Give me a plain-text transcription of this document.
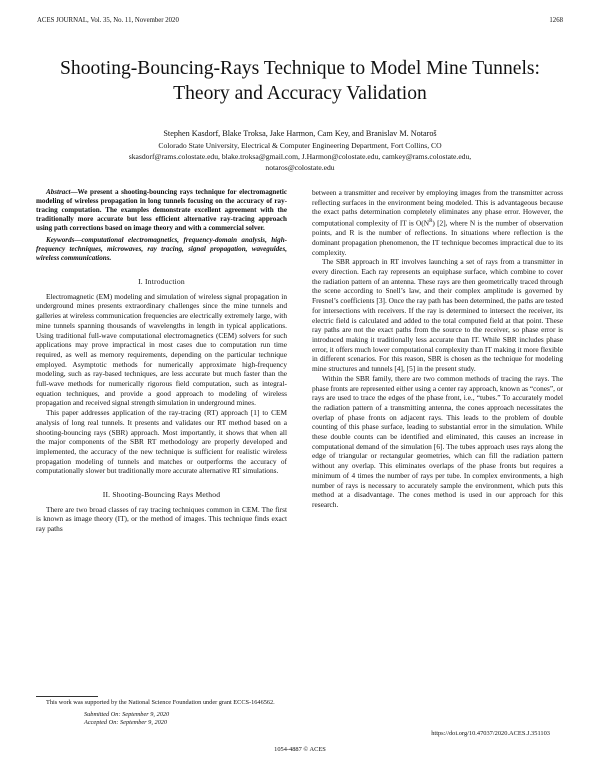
ACES JOURNAL, Vol. 35, No. 11, November 2020	1268
Shooting-Bouncing-Rays Technique to Model Mine Tunnels: Theory and Accuracy Validation
Stephen Kasdorf, Blake Troksa, Jake Harmon, Cam Key, and Branislav M. Notaroš
Colorado State University, Electrical & Computer Engineering Department, Fort Collins, CO
skasdorf@rams.colostate.edu, blake.troksa@gmail.com, J.Harmon@colostate.edu, camkey@rams.colostate.edu,
notaros@colostate.edu

Abstract—We present a shooting-bouncing rays technique for electromagnetic modeling of wireless propagation in long tunnels focusing on the accuracy of ray-tracing computation. The examples demonstrate excellent agreement with the traditionally more accurate but less efficient alternative ray-tracing approach using path corrections based on image theory and with a commercial solver.

Keywords—computational electromagnetics, frequency-domain analysis, high-frequency techniques, microwaves, ray tracing, signal propagation, waveguides, wireless communications.

I. Introduction

Electromagnetic (EM) modeling and simulation of wireless signal propagation in underground mines presents extraordinary challenges since the mine tunnels and galleries at wireless communication frequencies are electrically extremely large, with mine tunnels spanning thousands of wavelengths in length in typical applications. Using traditional full-wave computational electromagnetics (CEM) solvers for such applications may prove impractical in most cases due to computation run time required, as well as memory requirements, depending on the particular technique employed. Asymptotic methods for numerically approximate high-frequency modeling, such as ray-based techniques, are less accurate but much faster than the full-wave methods for numerically rigorous field computation, such as integral-equation techniques, and provide a good approach to modeling of wireless propagation and received signal strength simulation in underground mines.

This paper addresses application of the ray-tracing (RT) approach [1] to CEM analysis of long real tunnels. It presents and validates our RT method based on a shooting-bouncing rays (SBR) approach. Most importantly, it shows that when all the major components of the SBR RT methodology are properly developed and implemented, the accuracy of the new technique is sufficient for realistic wireless propagation modeling of tunnels and matches or outperforms the accuracy of computationally slower but traditionally more accurate alternative RT simulations.

II. Shooting-Bouncing Rays Method

There are two broad classes of ray tracing techniques common in CEM. The first is known as image theory (IT), or the method of images. This technique finds exact ray paths

between a transmitter and receiver by employing images from the transmitter across reflecting surfaces in the environment being modeled. This is advantageous because the exact paths determination completely eliminates any phase error. However, the computational complexity of IT is $O(N^R)$ [2], where N is the number of observation points, and R is the number of reflections. In situations where reflection is the dominant propagation phenomenon, the IT technique becomes impractical due to its complexity.

The SBR approach in RT involves launching a set of rays from a transmitter in every direction. Each ray represents an equiphase surface, which combine to cover the radiation pattern of an antenna. These rays are then geometrically traced through the scene according to Snell’s law, and their complex amplitude is governed by Fresnel’s coefficients [3]. Once the ray path has been determined, the paths are tested for intersections with receivers. If the ray is determined to intersect the receiver, its electric field is calculated and added to the total computed field at that point. These ray paths are not the exact paths from the source to the receiver, so phase error is introduced making it traditionally less accurate than IT. While SBR includes phase error, it offers much lower computational complexity than IT making it more flexible in different scenarios. For this reason, SBR is chosen as the technique for modeling mine structures and tunnels [4], [5] in the present study.

Within the SBR family, there are two common methods of tracing the rays. The phase fronts are represented either using a center ray approach, known as “cones”, or rays are used to trace the edges of the phase front, i.e., “tubes.” To accurately model the radiation pattern of a transmitting antenna, the cones approach necessitates the overlap of phase fronts on adjacent rays. This leads to the problem of double counting of this phase surface, leading to substantial error in the simulation. While these double counts can be identified and eliminated, this causes an increase in computational demand of the simulation [6]. The tubes approach uses rays along the edge of triangular or rectangular geometries, which can fill the radiation pattern without any overlap. This eliminates overlaps of the phase fronts but requires a minimum of 4 times the number of rays per tube. In complex environments, a high number of rays is necessary to accurately sample the environment, which puts this method at a disadvantage. The cones method is used in our approach for this research.

This work was supported by the National Science Foundation under grant ECCS-1646562.
Submitted On: September 9, 2020
Accepted On: September 9, 2020
https://doi.org/10.47037/2020.ACES.J.351103
1054-4887 © ACES
